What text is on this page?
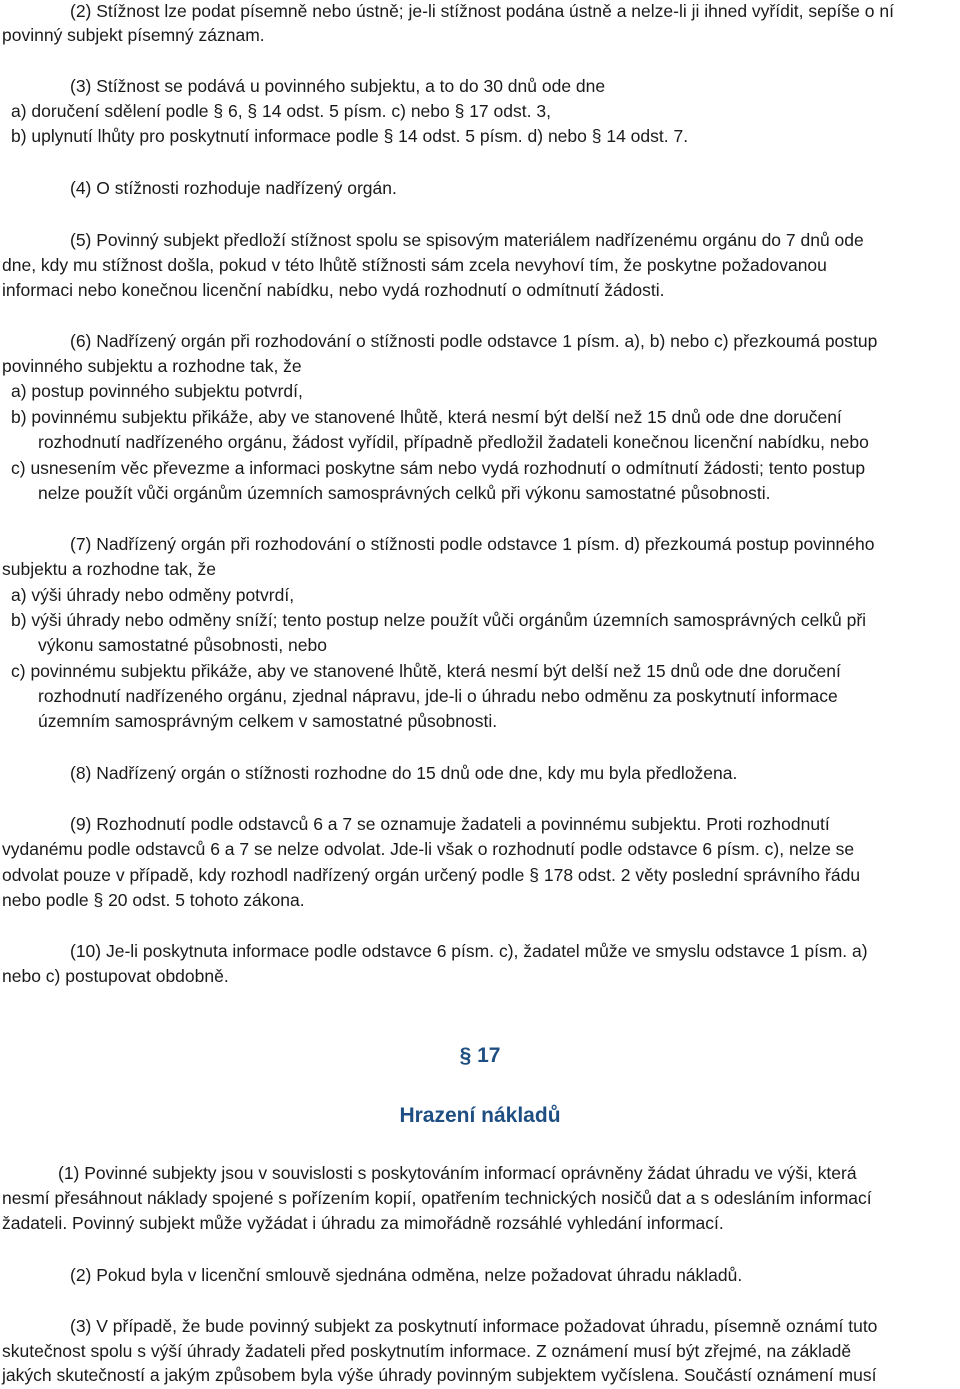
(2) Stížnost lze podat písemně nebo ústně; je-li stížnost podána ústně a nelze-li ji ihned vyřídit, sepíše o ní
povinný subjekt písemný záznam.
(3) Stížnost se podává u povinného subjektu, a to do 30 dnů ode dne
a) doručení sdělení podle § 6, § 14 odst. 5 písm. c) nebo § 17 odst. 3,
b) uplynutí lhůty pro poskytnutí informace podle § 14 odst. 5 písm. d) nebo § 14 odst. 7.
(4) O stížnosti rozhoduje nadřízený orgán.
(5) Povinný subjekt předloží stížnost spolu se spisovým materiálem nadřízenému orgánu do 7 dnů ode
dne, kdy mu stížnost došla, pokud v této lhůtě stížnosti sám zcela nevyhoví tím, že poskytne požadovanou
informaci nebo konečnou licenční nabídku, nebo vydá rozhodnutí o odmítnutí žádosti.
(6) Nadřízený orgán při rozhodování o stížnosti podle odstavce 1 písm. a), b) nebo c) přezkoumá postup
povinného subjektu a rozhodne tak, že
a) postup povinného subjektu potvrdí,
b) povinnému subjektu přikáže, aby ve stanovené lhůtě, která nesmí být delší než 15 dnů ode dne doručení
rozhodnutí nadřízeného orgánu, žádost vyřídil, případně předložil žadateli konečnou licenční nabídku, nebo
c) usnesením věc převezme a informaci poskytne sám nebo vydá rozhodnutí o odmítnutí žádosti; tento postup
nelze použít vůči orgánům územních samosprávných celků při výkonu samostatné působnosti.
(7) Nadřízený orgán při rozhodování o stížnosti podle odstavce 1 písm. d) přezkoumá postup povinného
subjektu a rozhodne tak, že
a) výši úhrady nebo odměny potvrdí,
b) výši úhrady nebo odměny sníží; tento postup nelze použít vůči orgánům územních samosprávných celků při
výkonu samostatné působnosti, nebo
c) povinnému subjektu přikáže, aby ve stanovené lhůtě, která nesmí být delší než 15 dnů ode dne doručení
rozhodnutí nadřízeného orgánu, zjednal nápravu, jde-li o úhradu nebo odměnu za poskytnutí informace
územním samosprávným celkem v samostatné působnosti.
(8) Nadřízený orgán o stížnosti rozhodne do 15 dnů ode dne, kdy mu byla předložena.
(9) Rozhodnutí podle odstavců 6 a 7 se oznamuje žadateli a povinnému subjektu. Proti rozhodnutí
vydanému podle odstavců 6 a 7 se nelze odvolat. Jde-li však o rozhodnutí podle odstavce 6 písm. c), nelze se
odvolat pouze v případě, kdy rozhodl nadřízený orgán určený podle § 178 odst. 2 věty poslední správního řádu
nebo podle § 20 odst. 5 tohoto zákona.
(10) Je-li poskytnuta informace podle odstavce 6 písm. c), žadatel může ve smyslu odstavce 1 písm. a)
nebo c) postupovat obdobně.
§ 17
Hrazení nákladů
(1) Povinné subjekty jsou v souvislosti s poskytováním informací oprávněny žádat úhradu ve výši, která
nesmí přesáhnout náklady spojené s pořízením kopií, opatřením technických nosičů dat a s odesláním informací
žadateli. Povinný subjekt může vyžádat i úhradu za mimořádně rozsáhlé vyhledání informací.
(2) Pokud byla v licenční smlouvě sjednána odměna, nelze požadovat úhradu nákladů.
(3) V případě, že bude povinný subjekt za poskytnutí informace požadovat úhradu, písemně oznámí tuto
skutečnost spolu s výší úhrady žadateli před poskytnutím informace. Z oznámení musí být zřejmé, na základě
jakých skutečností a jakým způsobem byla výše úhrady povinným subjektem vyčíslena. Součástí oznámení musí
